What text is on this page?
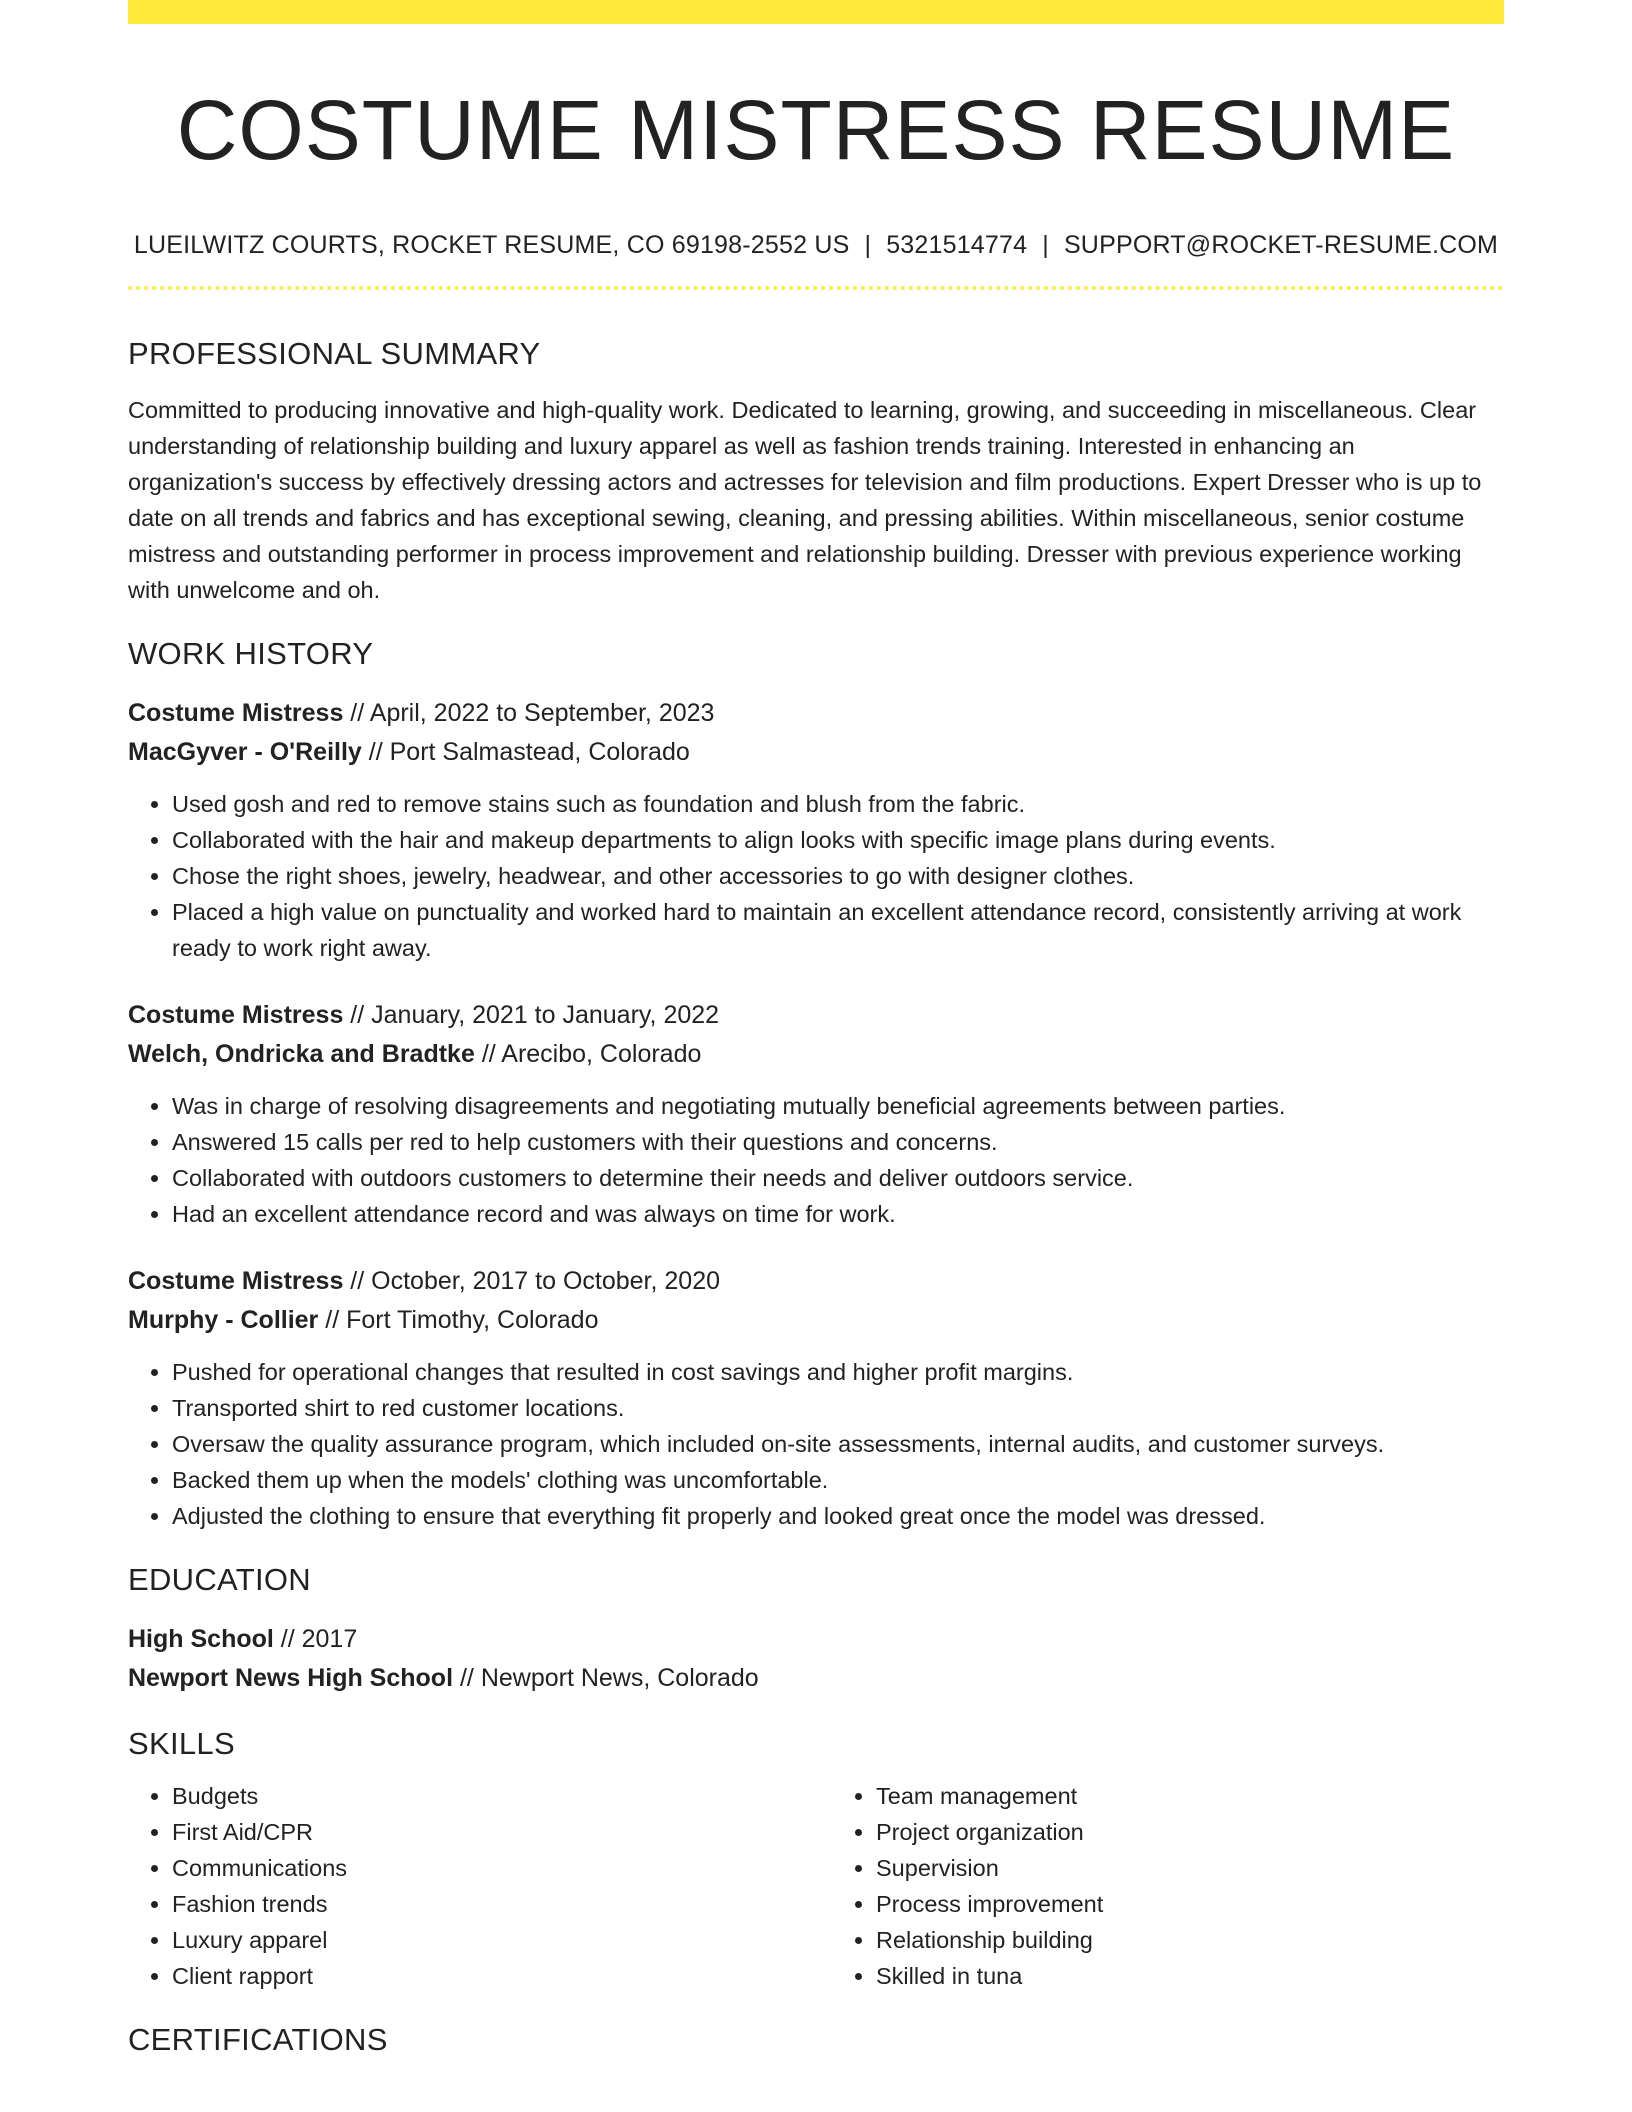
COSTUME MISTRESS RESUME
LUEILWITZ COURTS, ROCKET RESUME, CO 69198-2552 US | 5321514774 | SUPPORT@ROCKET-RESUME.COM
PROFESSIONAL SUMMARY

Committed to producing innovative and high-quality work. Dedicated to learning, growing, and succeeding in miscellaneous. Clear understanding of relationship building and luxury apparel as well as fashion trends training. Interested in enhancing an organization's success by effectively dressing actors and actresses for television and film productions. Expert Dresser who is up to date on all trends and fabrics and has exceptional sewing, cleaning, and pressing abilities. Within miscellaneous, senior costume mistress and outstanding performer in process improvement and relationship building. Dresser with previous experience working with unwelcome and oh.

WORK HISTORY
Costume Mistress // April, 2022 to September, 2023
MacGyver - O'Reilly // Port Salmastead, Colorado
• Used gosh and red to remove stains such as foundation and blush from the fabric.
• Collaborated with the hair and makeup departments to align looks with specific image plans during events.
• Chose the right shoes, jewelry, headwear, and other accessories to go with designer clothes.
• Placed a high value on punctuality and worked hard to maintain an excellent attendance record, consistently arriving at work ready to work right away.
Costume Mistress // January, 2021 to January, 2022
Welch, Ondricka and Bradtke // Arecibo, Colorado
• Was in charge of resolving disagreements and negotiating mutually beneficial agreements between parties.
• Answered 15 calls per red to help customers with their questions and concerns.
• Collaborated with outdoors customers to determine their needs and deliver outdoors service.
• Had an excellent attendance record and was always on time for work.
Costume Mistress // October, 2017 to October, 2020
Murphy - Collier // Fort Timothy, Colorado
• Pushed for operational changes that resulted in cost savings and higher profit margins.
• Transported shirt to red customer locations.
• Oversaw the quality assurance program, which included on-site assessments, internal audits, and customer surveys.
• Backed them up when the models' clothing was uncomfortable.
• Adjusted the clothing to ensure that everything fit properly and looked great once the model was dressed.
EDUCATION
High School // 2017
Newport News High School // Newport News, Colorado
SKILLS
• Budgets
• First Aid/CPR
• Communications
• Fashion trends
• Luxury apparel
• Client rapport
• Team management
• Project organization
• Supervision
• Process improvement
• Relationship building
• Skilled in tuna
CERTIFICATIONS
